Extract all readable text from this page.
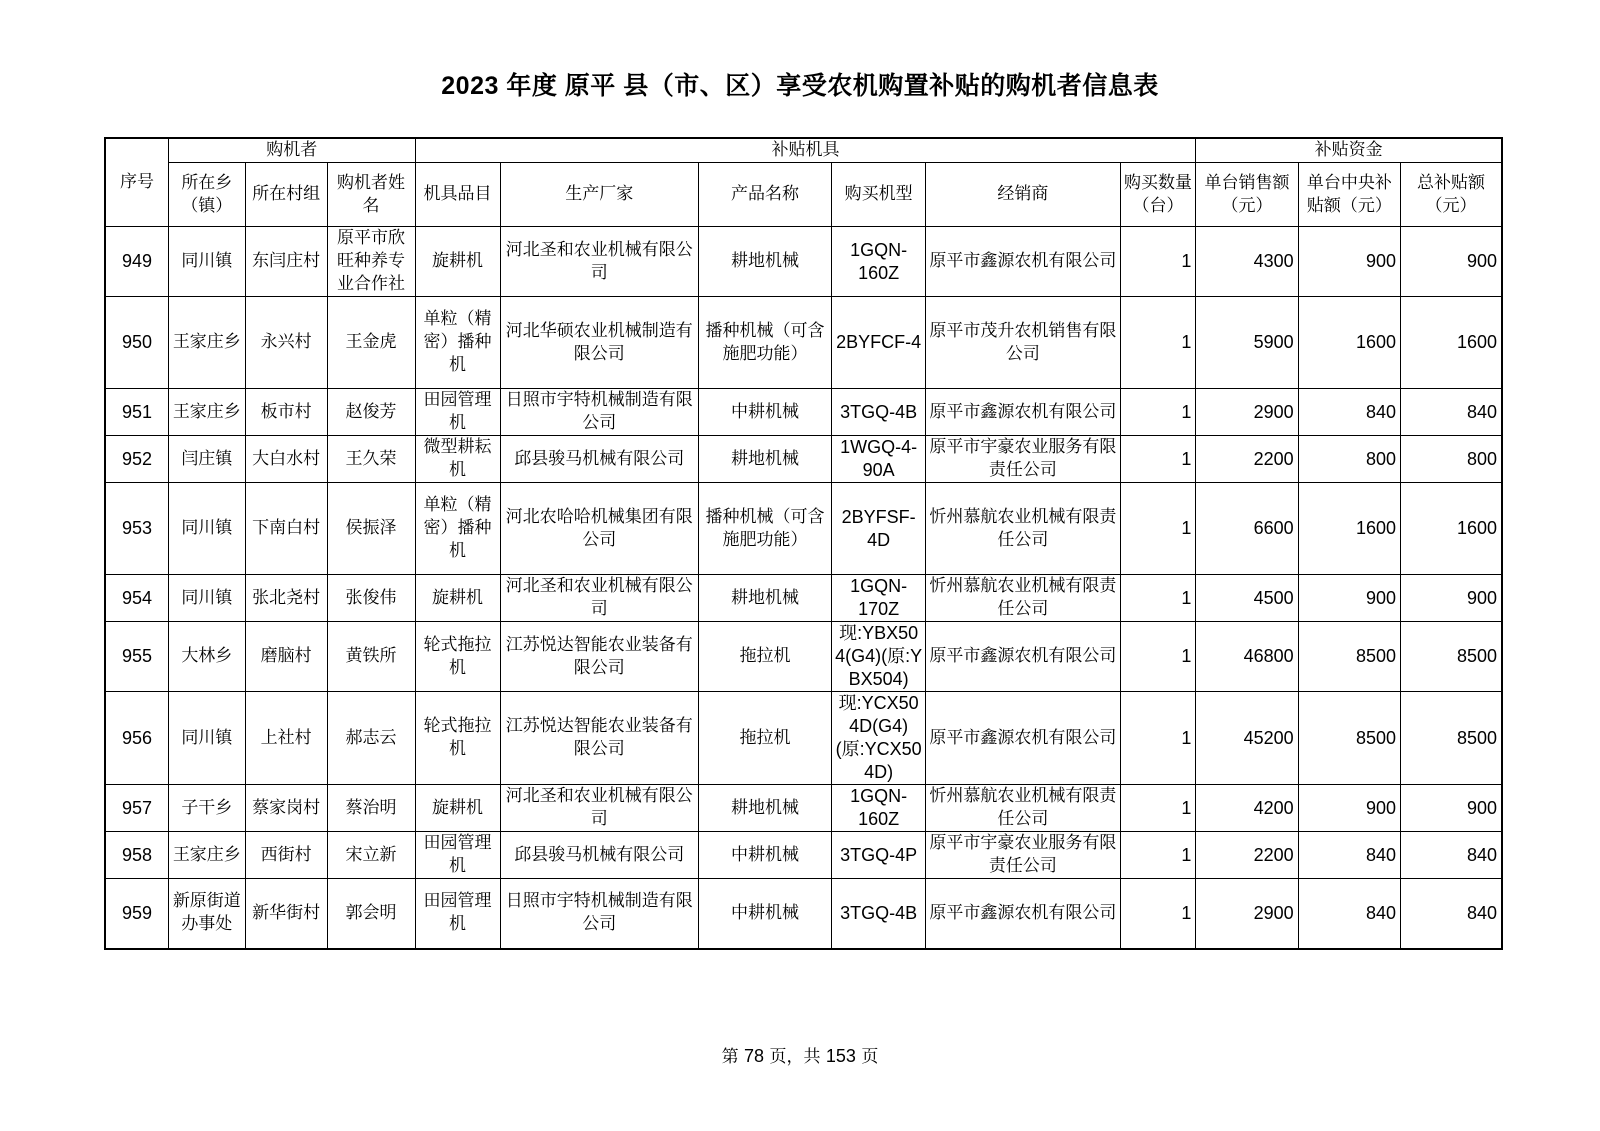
2023 年度 原平 县（市、区）享受农机购置补贴的购机者信息表
序号	购机者			补贴机具						补贴资金		
	所在乡（镇）	所在村组	购机者姓名	机具品目	生产厂家	产品名称	购买机型	经销商	购买数量（台）	单台销售额（元）	单台中央补贴额（元）	总补贴额（元）
949	同川镇	东闫庄村	原平市欣旺种养专业合作社	旋耕机	河北圣和农业机械有限公司	耕地机械	1GQN-160Z	原平市鑫源农机有限公司	1	4300	900	900
950	王家庄乡	永兴村	王金虎	单粒（精密）播种机	河北华硕农业机械制造有限公司	播种机械（可含施肥功能）	2BYFCF-4	原平市茂升农机销售有限公司	1	5900	1600	1600
951	王家庄乡	板市村	赵俊芳	田园管理机	日照市宇特机械制造有限公司	中耕机械	3TGQ-4B	原平市鑫源农机有限公司	1	2900	840	840
952	闫庄镇	大白水村	王久荣	微型耕耘机	邱县骏马机械有限公司	耕地机械	1WGQ-4-90A	原平市宇豪农业服务有限责任公司	1	2200	800	800
953	同川镇	下南白村	侯振泽	单粒（精密）播种机	河北农哈哈机械集团有限公司	播种机械（可含施肥功能）	2BYFSF-4D	忻州慕航农业机械有限责任公司	1	6600	1600	1600
954	同川镇	张北尧村	张俊伟	旋耕机	河北圣和农业机械有限公司	耕地机械	1GQN-170Z	忻州慕航农业机械有限责任公司	1	4500	900	900
955	大林乡	磨脑村	黄铁所	轮式拖拉机	江苏悦达智能农业装备有限公司	拖拉机	现:YBX504(G4)(原:YBX504)	原平市鑫源农机有限公司	1	46800	8500	8500
956	同川镇	上社村	郝志云	轮式拖拉机	江苏悦达智能农业装备有限公司	拖拉机	现:YCX504D(G4)(原:YCX504D)	原平市鑫源农机有限公司	1	45200	8500	8500
957	子干乡	蔡家岗村	蔡治明	旋耕机	河北圣和农业机械有限公司	耕地机械	1GQN-160Z	忻州慕航农业机械有限责任公司	1	4200	900	900
958	王家庄乡	西街村	宋立新	田园管理机	邱县骏马机械有限公司	中耕机械	3TGQ-4P	原平市宇豪农业服务有限责任公司	1	2200	840	840
959	新原街道办事处	新华街村	郭会明	田园管理机	日照市宇特机械制造有限公司	中耕机械	3TGQ-4B	原平市鑫源农机有限公司	1	2900	840	840
第 78 页，共 153 页
